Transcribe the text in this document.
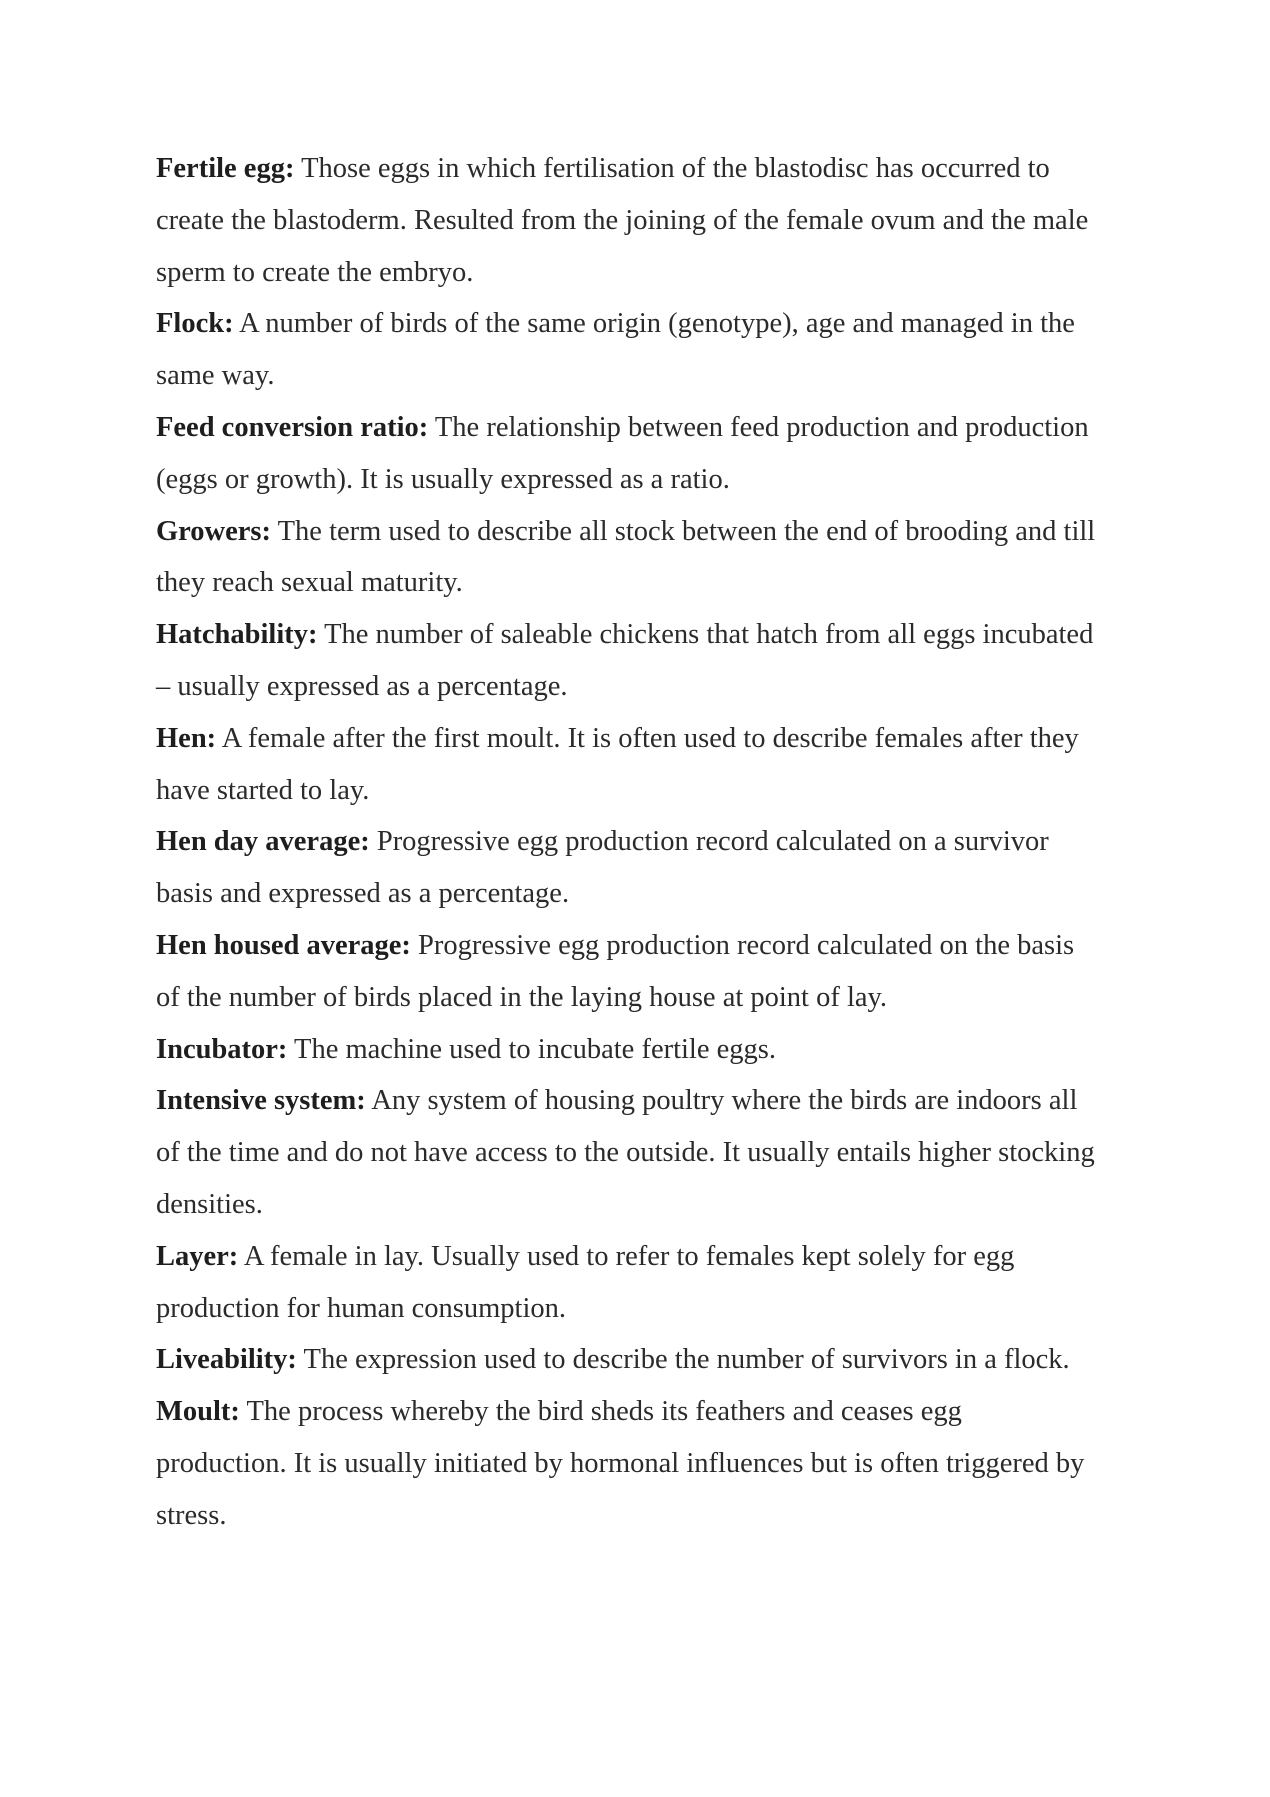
Fertile egg: Those eggs in which fertilisation of the blastodisc has occurred to create the blastoderm. Resulted from the joining of the female ovum and the male sperm to create the embryo.

Flock: A number of birds of the same origin (genotype), age and managed in the same way.

Feed conversion ratio: The relationship between feed production and production (eggs or growth). It is usually expressed as a ratio.

Growers: The term used to describe all stock between the end of brooding and till they reach sexual maturity.

Hatchability: The number of saleable chickens that hatch from all eggs incubated – usually expressed as a percentage.

Hen: A female after the first moult. It is often used to describe females after they have started to lay.

Hen day average: Progressive egg production record calculated on a survivor basis and expressed as a percentage.

Hen housed average: Progressive egg production record calculated on the basis of the number of birds placed in the laying house at point of lay.

Incubator: The machine used to incubate fertile eggs.

Intensive system: Any system of housing poultry where the birds are indoors all of the time and do not have access to the outside. It usually entails higher stocking densities.

Layer: A female in lay. Usually used to refer to females kept solely for egg production for human consumption.

Liveability: The expression used to describe the number of survivors in a flock.

Moult: The process whereby the bird sheds its feathers and ceases egg production. It is usually initiated by hormonal influences but is often triggered by stress.
